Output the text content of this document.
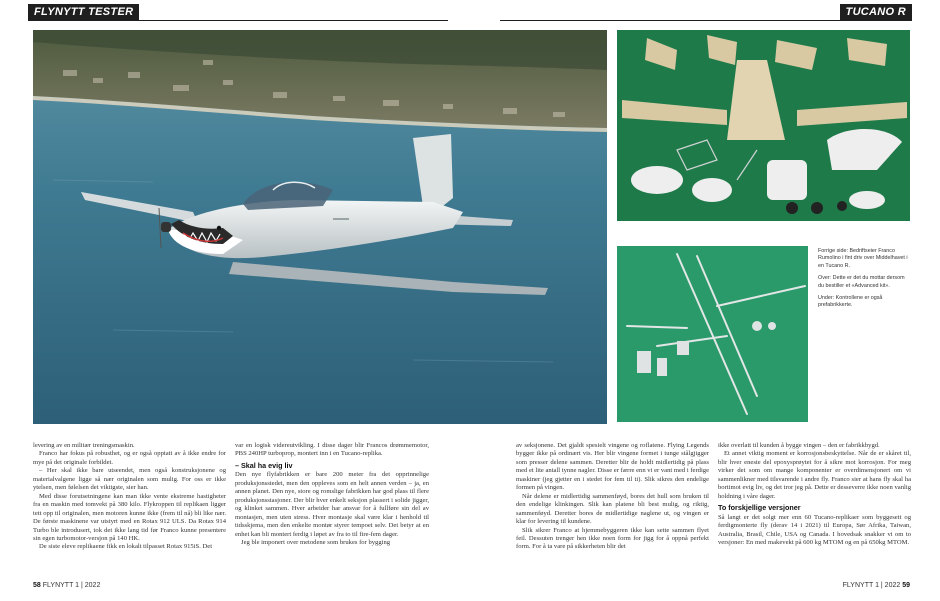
FLYNYTT TESTER	TUCANO R

Forrige side: Bedriftseier Franco Rumolino i fint driv over Middelhavet i en Tucano R.

Over: Dette er det du mottar dersom du bestiller et «Advanced kit».

Under: Kontrollene er også prefabrikkerte.

levering av en militær treningsmaskin.

Franco har fokus på robusthet, og er også opptatt av å ikke endre for mye på det originale forbildet.

– Her skal ikke bare utseendet, men også konstruksjonene og materialvalgene ligge så nær originalen som mulig. For oss er ikke ytelsen, men følelsen det viktigste, sier han.

Med disse forutsetningene kan man ikke vente ekstreme hastigheter fra en maskin med tomvekt på 380 kilo. Flykroppen til replikaen ligger tett opp til originalen, men motoren kunne ikke (frem til nå) bli like nær. De første maskinene var utstyrt med en Rotax 912 ULS. Da Rotax 914 Turbo ble introdusert, tok det ikke lang tid før Franco kunne presentere sin egen turbomotor-versjon på 140 HK.

De siste eleve replikaene fikk en lokalt tilpasset Rotax 915iS. Det

var en logisk videreutvikling. I disse dager blir Francos drømmemotor, PBS 240HP turboprop, montert inn i en Tucano-replika.

– Skal ha evig liv

Den nye flyfabrikken er bare 200 meter fra det opprinnelige produksjonsstedet, men den oppleves som en helt annen verden – ja, en annen planet. Den nye, store og romslige fabrikken har god plass til flere produksjonsstasjoner. Der blir hver enkelt seksjon plassert i solide jigger, og klinket sammen. Hver arbeider har ansvar for å fullføre sin del av montasjen, men uten stress. Hver montasje skal være klar i henhold til tidsskjema, men den enkelte montør styrer tempoet selv. Det betyr at en enhet kan bli montert ferdig i løpet av fra to til fire-fem dager.

Jeg ble imponert over metodene som brukes for bygging

av seksjonene. Det gjaldt spesielt vingene og roflatene. Flying Legends bygger ikke på ordinært vis. Her blir vingene formet i tunge stålgjigger som presser delene sammen. Deretter blir de holdt midlertidig på plass med et lite antall tynne nagler. Disse er færre enn vi er vant med i ferdige maskiner (jeg gjetter en i stedet for fem til ti). Slik sikres den endelige formen på vingen.

Når delene er midlertidig sammenføyd, bores det hull som bruken til den endelige klinkingen. Slik kan platene bli best mulig, og riktig, sammenføyd. Deretter bores de midlertidige naglene ut, og vingen er klar for levering til kundene.

Slik sikrer Franco at hjemmebyggeren ikke kan sette sammen flyet feil. Dessuten trenger hen ikke noen form for jigg for å oppnå perfekt form. For å ta vare på sikkerheten blir det

ikke overlatt til kunden å bygge vingen – den er fabrikkbygd.

Et annet viktig moment er korrosjonsbeskyttelse. Når de er skåret til, blir hver eneste del epoxysprøytet for å sikre mot korrosjon. For meg virker det som om mange komponenter er overdimensjonert om vi sammenlikner med tilsvarende i andre fly. Franco sier at hans fly skal ha bortimot evig liv, og det tror jeg på. Dette er desseverre ikke noen vanlig holdning i våre dager.

To forskjellige versjoner

Så langt er det solgt mer enn 60 Tucano-replikaer som byggesett og ferdigmonterte fly (derav 14 i 2021) til Europa, Sør Afrika, Taiwan, Australia, Brasil, Chile, USA og Canada. I hovedsak snakker vi om to versjoner: En med makevekt på 600 kg MTOM og en på 650kg MTOM.

58 FLYNYTT 1 | 2022	FLYNYTT 1 | 2022 59
